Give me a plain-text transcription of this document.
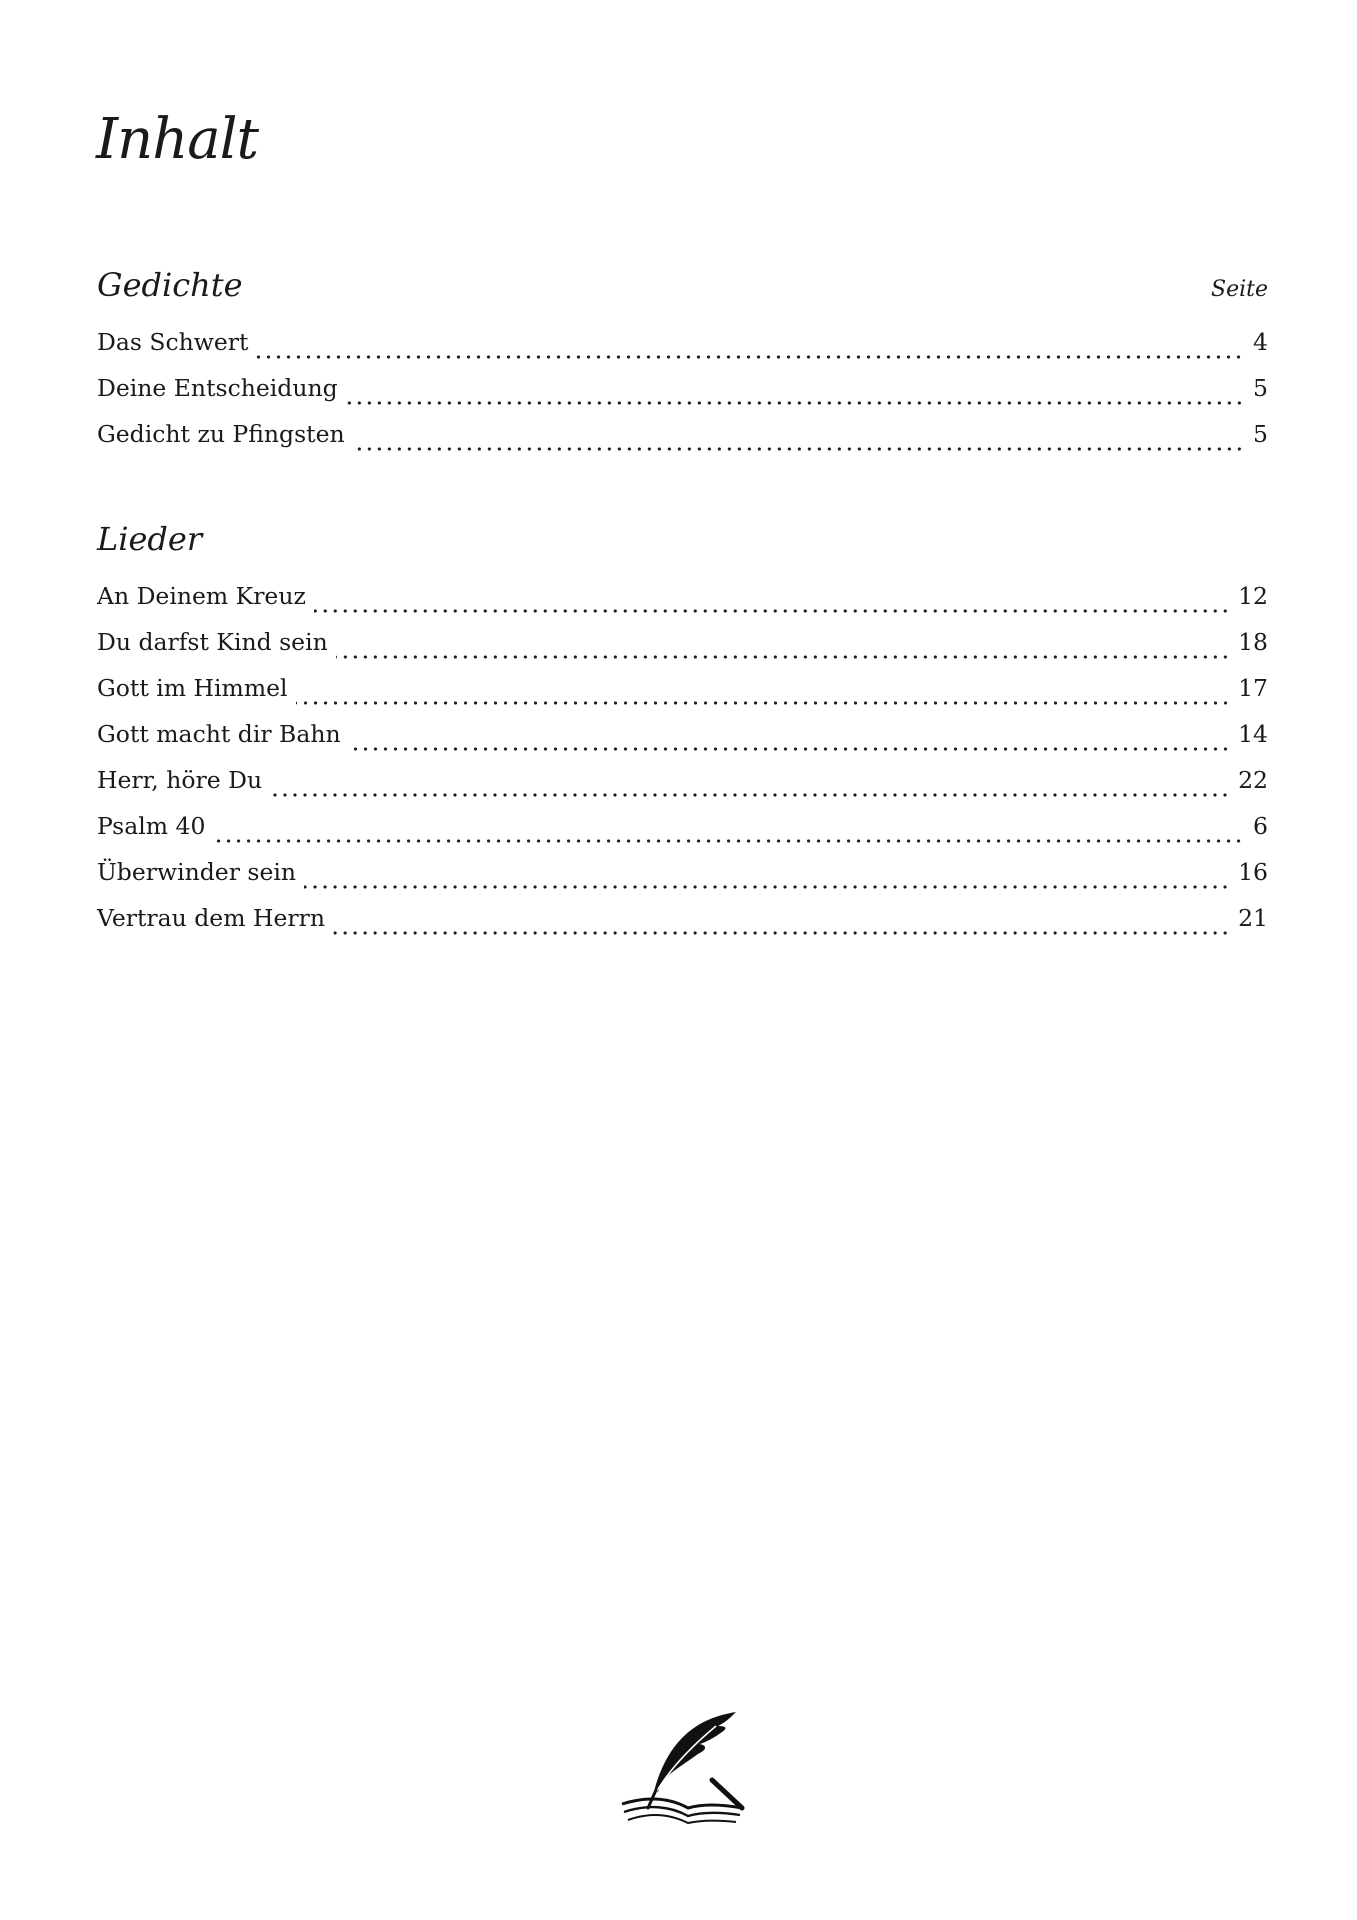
Inhalt
Gedichte	Seite
Das Schwert	4
Deine Entscheidung	5
Gedicht zu Pfingsten	5
Lieder
An Deinem Kreuz	12
Du darfst Kind sein	18
Gott im Himmel	17
Gott macht dir Bahn	14
Herr, höre Du	22
Psalm 40	6
Überwinder sein	16
Vertrau dem Herrn	21
